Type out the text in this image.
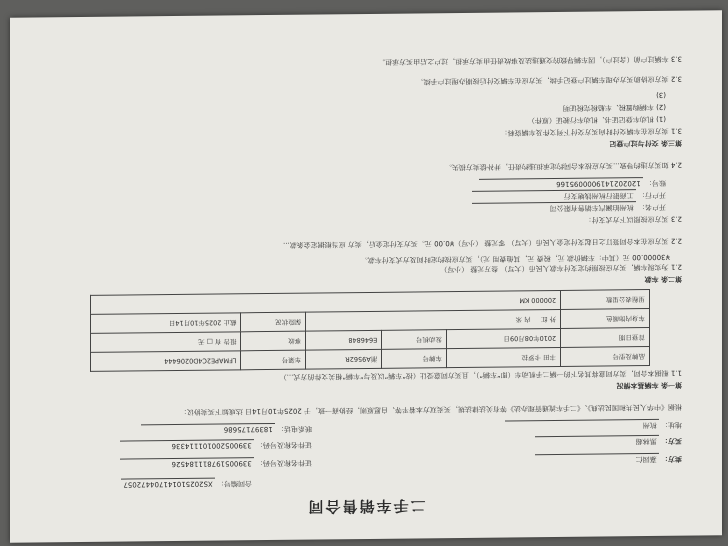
二手车销售合同
合同编号： XS202510141704472057
卖方： 嘉园仁
证件名称及号码： 33900519781118452​6
买方： 黑林超
证件名称及号码： 339005200101114336
地址： 杭州
联系电话： 18397175686
根据《中华人民共和国民法典》、《二手车流通管理办法》等有关法律法规，买卖双方本着平等、自愿原则，经协商一致，于 2025年10月14日 达成如下买卖协议：
第一条 车辆基本情况
1.1 根据本合同，卖方同意将其名下的一辆二手机动车（即“车辆”），且买方同意受让（按“车辆”以及与“车辆”相关文件的方式...）
品牌及型号	丰田 卡罗拉	车牌号	浙A9562R	车架号	LFMAPE2C4D0206444
首登日期	2010年08月09日	发动机号	E646848	事故	报告 有 □ 无
车身内饰颜色	外 红     内 米			保险状况	截止 2025年10月14日
里程表公里数	200000 KM				
第二条 车款
2.1 为实现车辆，买方应按照约定支付车款人民币（大写） 叁万元整 （小写）
¥30000.00 元（其中：车辆价款 元，税费 元，其他费用 元），买方应按约定时间及方式支付车款。
2.2 买方应在本合同签订之日起支付定金人民币（大写） 零元整 （小写）¥0.00 元。买方支付定金后，卖方 应当根据定金条款...
2.3 买方应按照以下方式支付：
开户名： 杭州铂澜汽车销售有限公司
开户行： 工商银行杭州钱塘支行
账号： 1202021419000095166
2.4 如买方违约导致...买方应按本合同约定承担违约责任，并补偿卖方损失。
第三条 交付与过户登记
3.1 卖方应在车辆交付时向买方交付下列文件及车辆资料：
(1) 机动车登记证书、机动车行驶证（原件）
(2) 车辆购置税、车船税完税证明
(3)
3.2 卖方应协助买方办理车辆过户登记手续，买方应在车辆交付后按期办理过户手续。
3.3 车辆过户前（含过户），因车辆导致的交通违法及事故责任由卖方承担，过户之后由买方承担。
